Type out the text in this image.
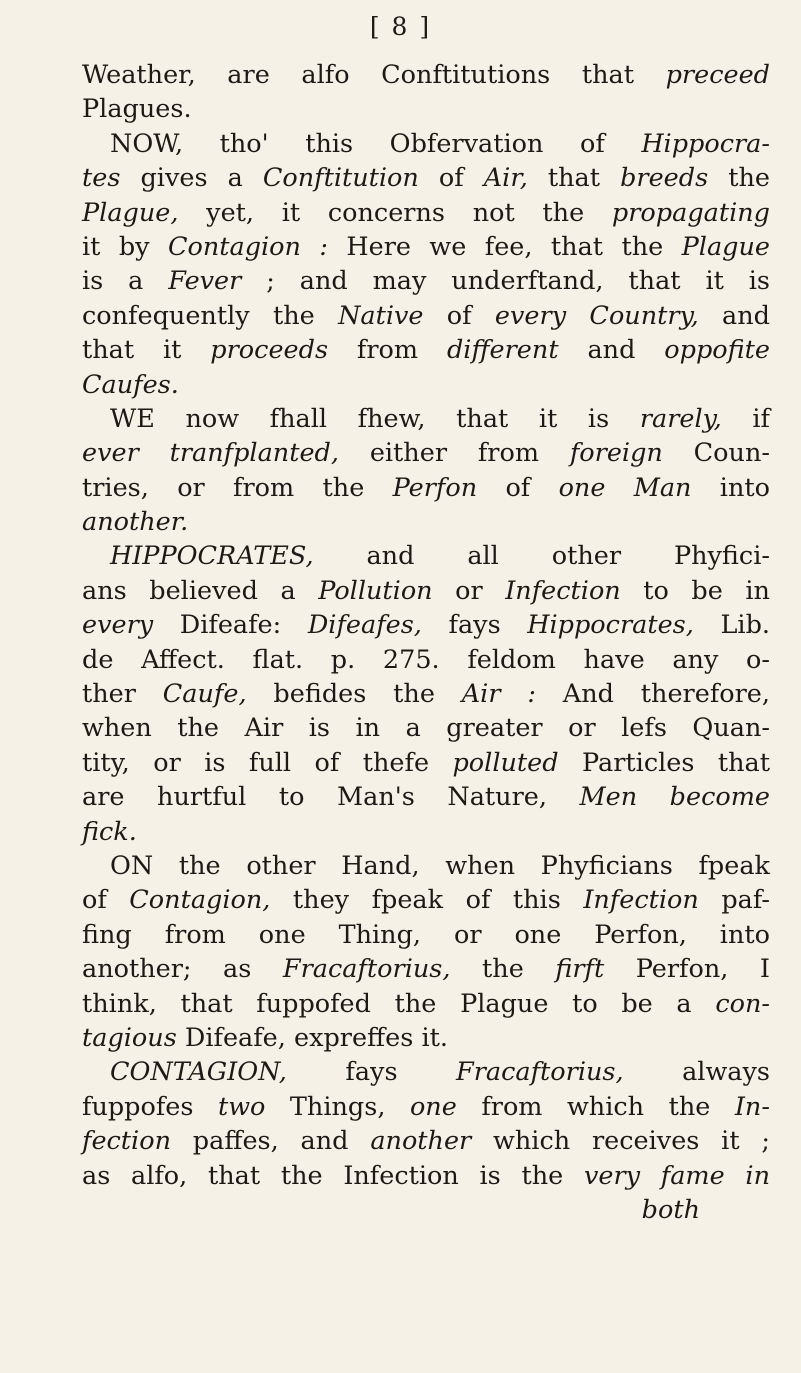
[ 8 ]
Weather, are alfo Conftitutions that preceed
Plagues.
NOW, tho' this Obfervation of Hippocra-
tes gives a Conftitution of Air, that breeds the
Plague, yet, it concerns not the propagating
it by Contagion : Here we fee, that the Plague
is a Fever ; and may underftand, that it is
confequently the Native of every Country, and
that it proceeds from different and oppofite
Caufes.
WE now fhall fhew, that it is rarely, if
ever tranfplanted, either from foreign Coun-
tries, or from the Perfon of one Man into
another.
HIPPOCRATES, and all other Phyfici-
ans believed a Pollution or Infection to be in
every Difeafe: Difeafes, fays Hippocrates, Lib.
de Affect. flat. p. 275. feldom have any o-
ther Caufe, befides the Air : And therefore,
when the Air is in a greater or lefs Quan-
tity, or is full of thefe polluted Particles that
are hurtful to Man's Nature, Men become
fick.
ON the other Hand, when Phyficians fpeak
of Contagion, they fpeak of this Infection paf-
fing from one Thing, or one Perfon, into
another; as Fracaftorius, the firft Perfon, I
think, that fuppofed the Plague to be a con-
tagious Difeafe, expreffes it.
CONTAGION, fays Fracaftorius, always
fuppofes two Things, one from which the In-
fection paffes, and another which receives it ;
as alfo, that the Infection is the very fame in
both
